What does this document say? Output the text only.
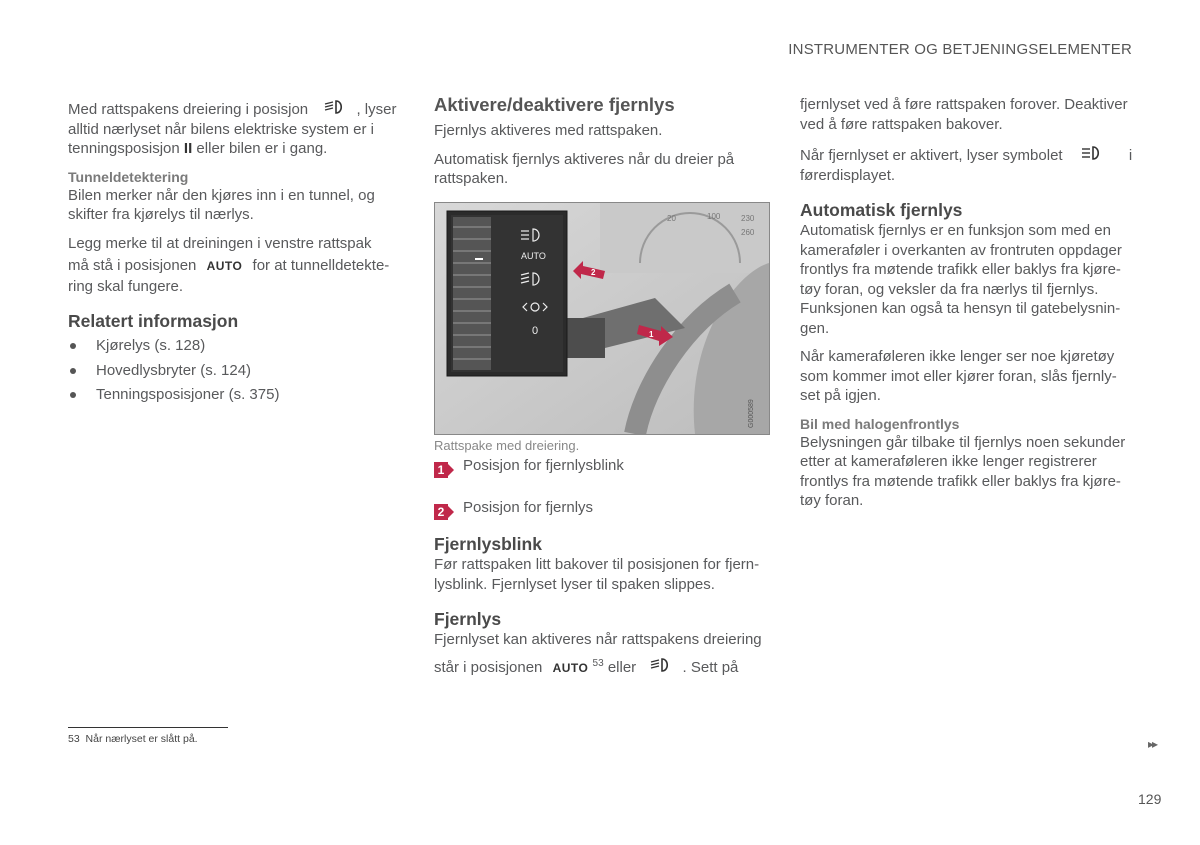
INSTRUMENTER OG BETJENINGSELEMENTER

Med rattspakens dreiering i posisjon	, lyser

alltid nærlyset når bilens elektriske system er i

tenningsposisjon II eller bilen er i gang.

Tunneldetektering

Bilen merker når den kjøres inn i en tunnel, og skifter fra kjørelys til nærlys.

Legg merke til at dreiningen i venstre rattspak

må stå i posisjonen AUTO for at tunnelldetekte-

ring skal fungere.

Relatert informasjon
Kjørelys (s. 128)
Hovedlysbryter (s. 124)
Tenningsposisjoner (s. 375)
Aktivere/deaktivere fjernlys

Fjernlys aktiveres med rattspaken.

Automatisk fjernlys aktiveres når du dreier på rattspaken.

20	100	230
260
AUTO
0
2
1
G000589
Rattspake med dreiering.
1 Posisjon for fjernlysblink
2 Posisjon for fjernlys
Fjernlysblink

Før rattspaken litt bakover til posisjonen for fjern- lysblink. Fjernlyset lyser til spaken slippes.

Fjernlys

Fjernlyset kan aktiveres når rattspakens dreiering

står i posisjonen AUTO $^{53}$ eller	. Sett på

fjernlyset ved å føre rattspaken forover. Deaktiver ved å føre rattspaken bakover.

Når fjernlyset er aktivert, lyser symbolet	i

førerdisplayet.

Automatisk fjernlys

Automatisk fjernlys er en funksjon som med en kameraføler i overkanten av frontruten oppdager frontlys fra møtende trafikk eller baklys fra kjøre- tøy foran, og veksler da fra nærlys til fjernlys. Funksjonen kan også ta hensyn til gatebelysnin- gen.

Når kameraføleren ikke lenger ser noe kjøretøy som kommer imot eller kjører foran, slås fjernly- set på igjen.

Bil med halogenfrontlys

Belysningen går tilbake til fjernlys noen sekunder etter at kameraføleren ikke lenger registrerer frontlys fra møtende trafikk eller baklys fra kjøre- tøy foran.

53 Når nærlyset er slått på.	▸▸
129
